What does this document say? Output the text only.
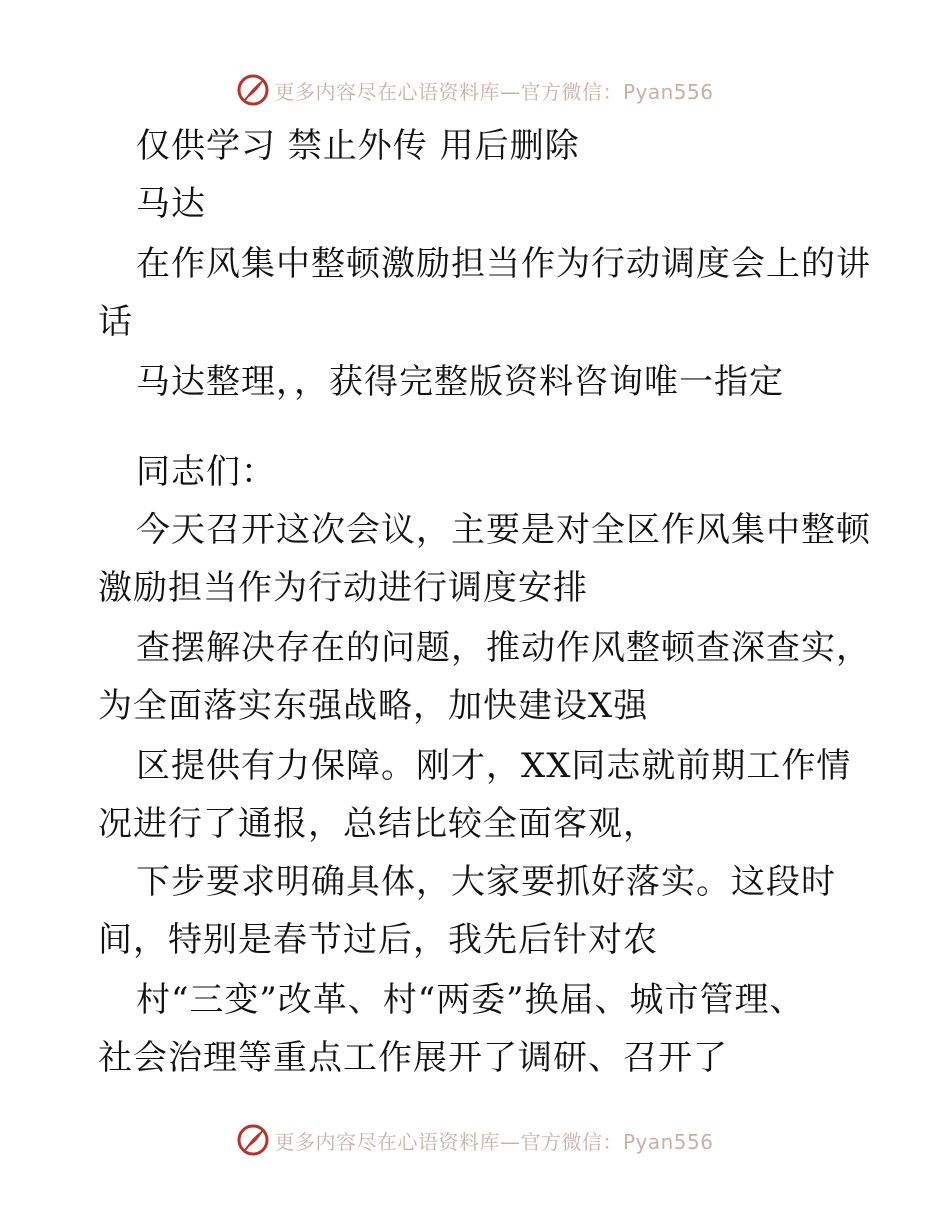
更多内容尽在心语资料库—官方微信：Pyan556
仅供学习 禁止外传 用后删除
马达
在作风集中整顿激励担当作为行动调度会上的讲
话
马达整理，，获得完整版资料咨询唯一指定
同志们：
今天召开这次会议，主要是对全区作风集中整顿
激励担当作为行动进行调度安排
查摆解决存在的问题，推动作风整顿查深查实，
为全面落实东强战略，加快建设X强
区提供有力保障。刚才，XX同志就前期工作情
况进行了通报，总结比较全面客观，
下步要求明确具体，大家要抓好落实。这段时
间，特别是春节过后，我先后针对农
村“三变”改革、村“两委”换届、城市管理、
社会治理等重点工作展开了调研、召开了
更多内容尽在心语资料库—官方微信：Pyan556
